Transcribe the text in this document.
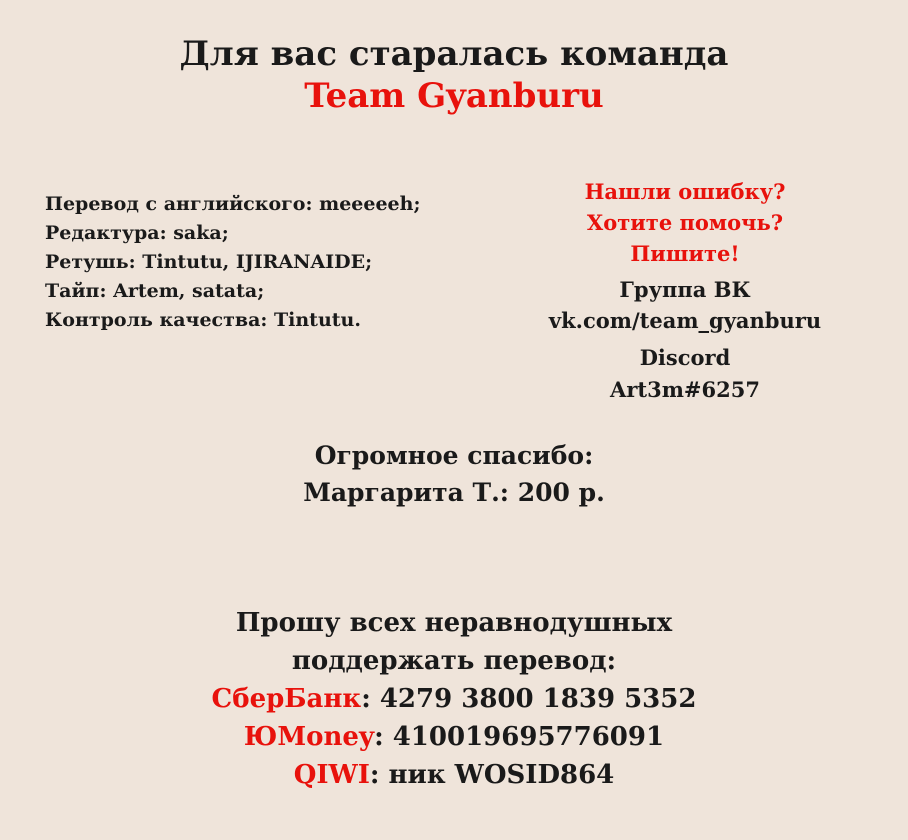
Для вас старалась команда
Team Gyanburu
Перевод с английского: meeeeeh;
Редактура: saka;
Ретушь: Tintutu, IJIRANAIDE;
Тайп: Artem, satata;
Контроль качества: Tintutu.
Нашли ошибку?
Хотите помочь?
Пишите!
Группа ВК
vk.com/team_gyanburu
Discord
Art3m#6257
Огромное спасибо:
Маргарита Т.: 200 р.
Прошу всех неравнодушных
поддержать перевод:
СберБанк: 4279 3800 1839 5352
ЮMoney: 410019695776091
QIWI: ник WOSID864
